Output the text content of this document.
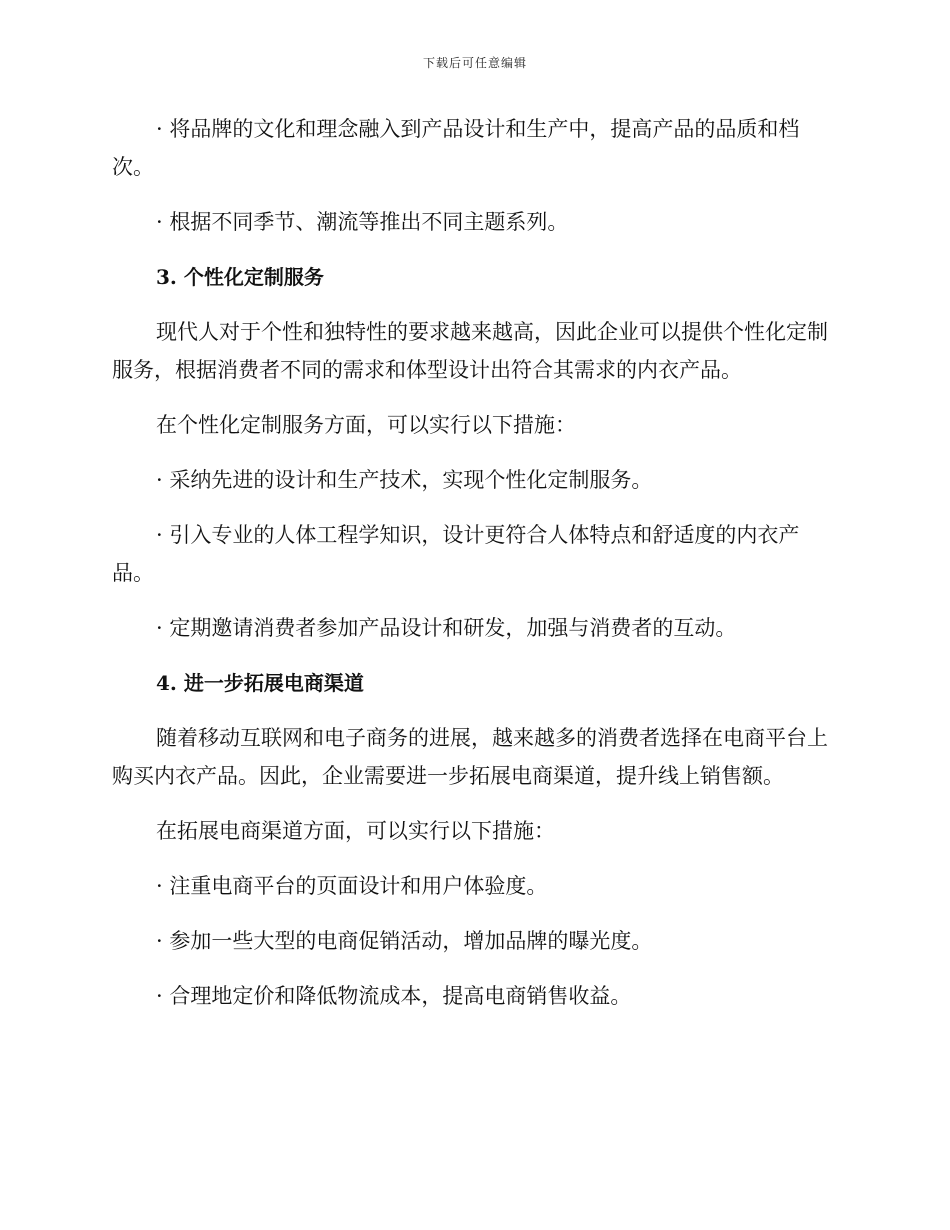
下载后可任意编辑

· 将品牌的文化和理念融入到产品设计和生产中，提高产品的品质和档次。

· 根据不同季节、潮流等推出不同主题系列。

3. 个性化定制服务

现代人对于个性和独特性的要求越来越高，因此企业可以提供个性化定制服务，根据消费者不同的需求和体型设计出符合其需求的内衣产品。

在个性化定制服务方面，可以实行以下措施：

· 采纳先进的设计和生产技术，实现个性化定制服务。

· 引入专业的人体工程学知识，设计更符合人体特点和舒适度的内衣产品。

· 定期邀请消费者参加产品设计和研发，加强与消费者的互动。

4. 进一步拓展电商渠道

随着移动互联网和电子商务的进展，越来越多的消费者选择在电商平台上购买内衣产品。因此，企业需要进一步拓展电商渠道，提升线上销售额。

在拓展电商渠道方面，可以实行以下措施：

· 注重电商平台的页面设计和用户体验度。

· 参加一些大型的电商促销活动，增加品牌的曝光度。

· 合理地定价和降低物流成本，提高电商销售收益。
